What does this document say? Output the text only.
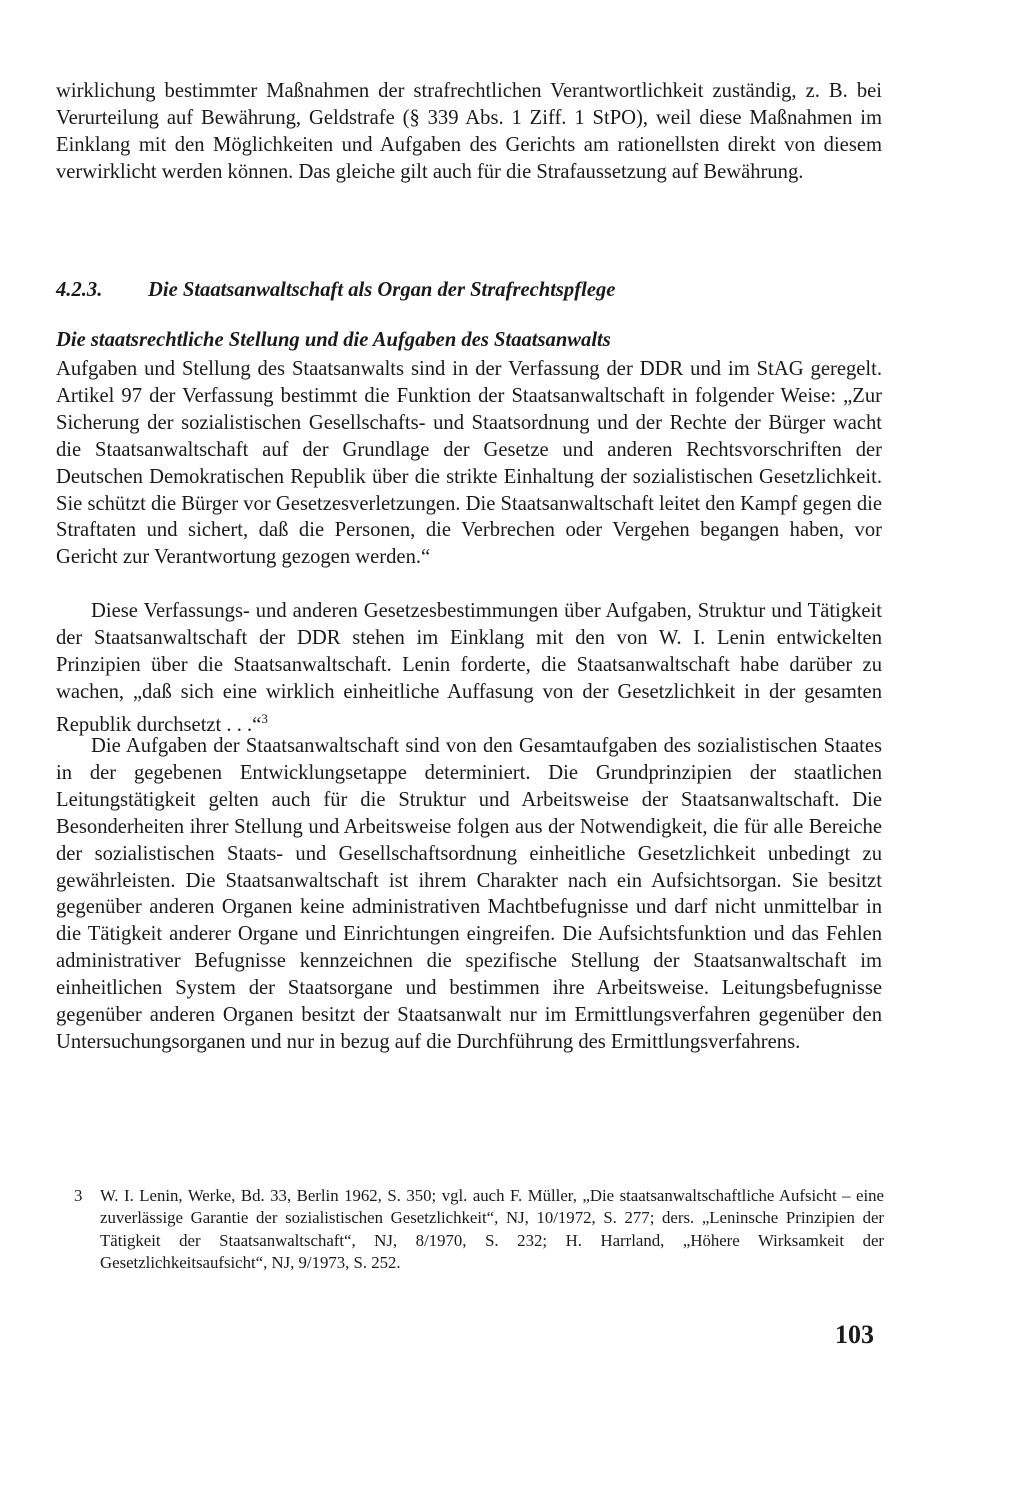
wirklichung bestimmter Maßnahmen der strafrechtlichen Verantwortlichkeit zuständig, z. B. bei Verurteilung auf Bewährung, Geldstrafe (§ 339 Abs. 1 Ziff. 1 StPO), weil diese Maßnahmen im Einklang mit den Möglichkeiten und Aufgaben des Gerichts am rationellsten direkt von diesem verwirklicht werden können. Das gleiche gilt auch für die Strafaussetzung auf Bewährung.

4.2.3. Die Staatsanwaltschaft als Organ der Strafrechtspflege
Die staatsrechtliche Stellung und die Aufgaben des Staatsanwalts

Aufgaben und Stellung des Staatsanwalts sind in der Verfassung der DDR und im StAG geregelt. Artikel 97 der Verfassung bestimmt die Funktion der Staatsanwaltschaft in folgender Weise: „Zur Sicherung der sozialistischen Gesellschafts- und Staatsordnung und der Rechte der Bürger wacht die Staatsanwaltschaft auf der Grundlage der Gesetze und anderen Rechtsvorschriften der Deutschen Demokratischen Republik über die strikte Einhaltung der sozialistischen Gesetzlichkeit. Sie schützt die Bürger vor Gesetzesverletzungen. Die Staatsanwaltschaft leitet den Kampf gegen die Straftaten und sichert, daß die Personen, die Verbrechen oder Vergehen begangen haben, vor Gericht zur Verantwortung gezogen werden.“

Diese Verfassungs- und anderen Gesetzesbestimmungen über Aufgaben, Struktur und Tätigkeit der Staatsanwaltschaft der DDR stehen im Einklang mit den von W. I. Lenin entwickelten Prinzipien über die Staatsanwaltschaft. Lenin forderte, die Staatsanwaltschaft habe darüber zu wachen, „daß sich eine wirklich einheitliche Auffasung von der Gesetzlichkeit in der gesamten Republik durchsetzt . . .“$^3$

Die Aufgaben der Staatsanwaltschaft sind von den Gesamtaufgaben des sozialistischen Staates in der gegebenen Entwicklungsetappe determiniert. Die Grundprinzipien der staatlichen Leitungstätigkeit gelten auch für die Struktur und Arbeitsweise der Staatsanwaltschaft. Die Besonderheiten ihrer Stellung und Arbeitsweise folgen aus der Notwendigkeit, die für alle Bereiche der sozialistischen Staats- und Gesellschaftsordnung einheitliche Gesetzlichkeit unbedingt zu gewährleisten. Die Staatsanwaltschaft ist ihrem Charakter nach ein Aufsichtsorgan. Sie besitzt gegenüber anderen Organen keine administrativen Machtbefugnisse und darf nicht unmittelbar in die Tätigkeit anderer Organe und Einrichtungen eingreifen. Die Aufsichtsfunktion und das Fehlen administrativer Befugnisse kennzeichnen die spezifische Stellung der Staatsanwaltschaft im einheitlichen System der Staatsorgane und bestimmen ihre Arbeitsweise. Leitungsbefugnisse gegenüber anderen Organen besitzt der Staatsanwalt nur im Ermittlungsverfahren gegenüber den Untersuchungsorganen und nur in bezug auf die Durchführung des Ermittlungsverfahrens.

3	W. I. Lenin, Werke, Bd. 33, Berlin 1962, S. 350; vgl. auch F. Müller, „Die staatsanwaltschaftliche Aufsicht – eine zuverlässige Garantie der sozialistischen Gesetzlichkeit“, NJ, 10/1972, S. 277; ders. „Leninsche Prinzipien der Tätigkeit der Staatsanwaltschaft“, NJ, 8/1970, S. 232; H. Harrland, „Höhere Wirksamkeit der Gesetzlichkeitsaufsicht“, NJ, 9/1973, S. 252.

103
